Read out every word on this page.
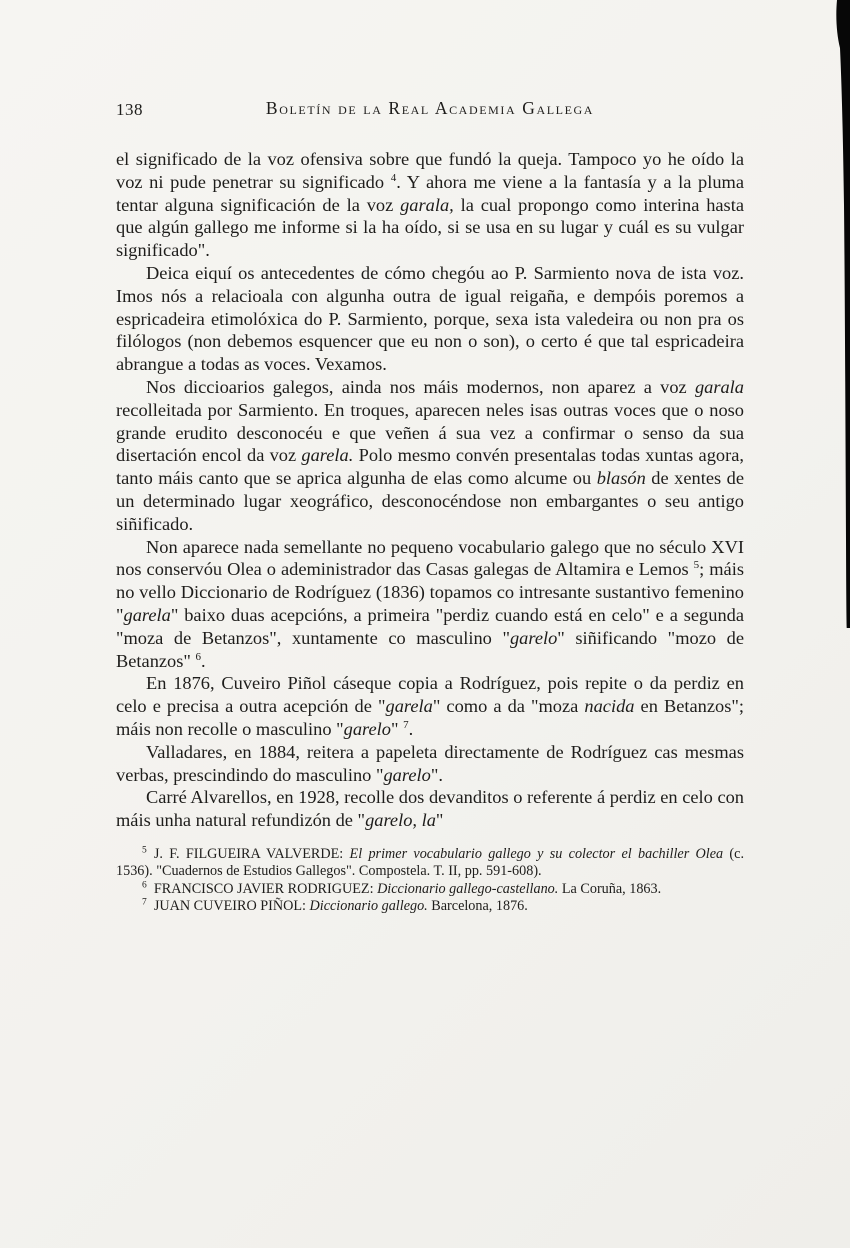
138	Boletín de la Real Academia Gallega

el significado de la voz ofensiva sobre que fundó la queja. Tampoco yo he oído la voz ni pude penetrar su significado $^4$. Y ahora me viene a la fantasía y a la pluma tentar alguna significación de la voz garala, la cual propongo como interina hasta que algún gallego me informe si la ha oído, si se usa en su lugar y cuál es su vulgar significado".

Deica eiquí os antecedentes de cómo chegóu ao P. Sarmiento nova de ista voz. Imos nós a relacioala con algunha outra de igual reigaña, e dempóis poremos a espricadeira etimolóxica do P. Sarmiento, porque, sexa ista valedeira ou non pra os filólogos (non debemos esquencer que eu non o son), o certo é que tal espricadeira abrangue a todas as voces. Vexamos.

Nos diccioarios galegos, ainda nos máis modernos, non aparez a voz garala recolleitada por Sarmiento. En troques, aparecen neles isas outras voces que o noso grande erudito desconocéu e que veñen á sua vez a confirmar o senso da sua disertación encol da voz garela. Polo mesmo convén presentalas todas xuntas agora, tanto máis canto que se aprica algunha de elas como alcume ou blasón de xentes de un determinado lugar xeográfico, desconocéndose non embargantes o seu antigo siñificado.

Non aparece nada semellante no pequeno vocabulario galego que no século XVI nos conservóu Olea o adeministrador das Casas galegas de Altamira e Lemos $^5$; máis no vello Diccionario de Rodríguez (1836) topamos co intresante sustantivo femenino "garela" baixo duas acepcións, a primeira "perdiz cuando está en celo" e a segunda "moza de Betanzos", xuntamente co masculino "garelo" siñificando "mozo de Betanzos" $^6$.

En 1876, Cuveiro Piñol cáseque copia a Rodríguez, pois repite o da perdiz en celo e precisa a outra acepción de "garela" como a da "moza nacida en Betanzos"; máis non recolle o masculino "garelo" $^7$.

Valladares, en 1884, reitera a papeleta directamente de Rodríguez cas mesmas verbas, prescindindo do masculino "garelo".

Carré Alvarellos, en 1928, recolle dos devanditos o referente á perdiz en celo con máis unha natural refundizón de "garelo, la"

$^5$  J. F. FILGUEIRA VALVERDE: El primer vocabulario gallego y su colector el bachiller Olea (c. 1536). "Cuadernos de Estudios Gallegos". Compostela. T. II, pp. 591-608).

$^6$  FRANCISCO JAVIER RODRIGUEZ: Diccionario gallego-castellano. La Coruña, 1863.

$^7$  JUAN CUVEIRO PIÑOL: Diccionario gallego. Barcelona, 1876.
